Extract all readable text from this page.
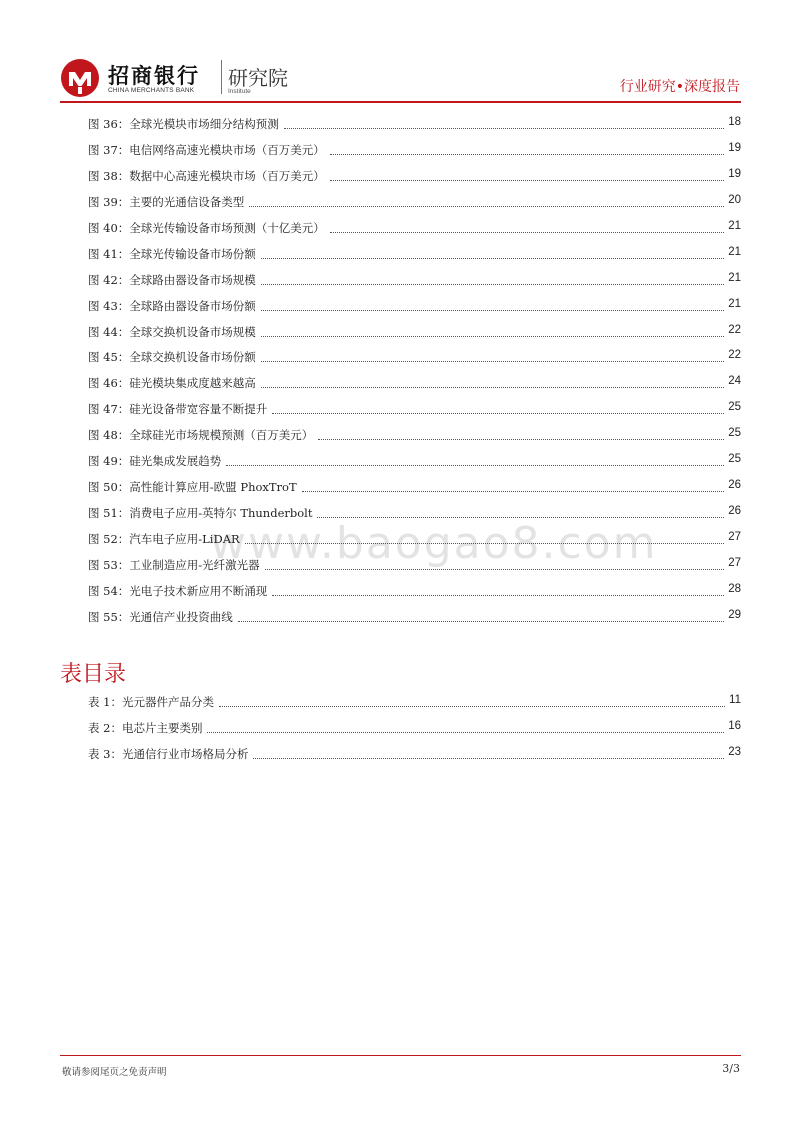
招商银行
CHINA MERCHANTS BANK
研究院
Institute	行业研究•深度报告
www.baogao8.com
图 36：全球光模块市场细分结构预测	18
图 37：电信网络高速光模块市场（百万美元）	19
图 38：数据中心高速光模块市场（百万美元）	19
图 39：主要的光通信设备类型	20
图 40：全球光传输设备市场预测（十亿美元）	21
图 41：全球光传输设备市场份额	21
图 42：全球路由器设备市场规模	21
图 43：全球路由器设备市场份额	21
图 44：全球交换机设备市场规模	22
图 45：全球交换机设备市场份额	22
图 46：硅光模块集成度越来越高	24
图 47：硅光设备带宽容量不断提升	25
图 48：全球硅光市场规模预测（百万美元）	25
图 49：硅光集成发展趋势	25
图 50：高性能计算应用-欧盟 PhoxTroT	26
图 51：消费电子应用-英特尔 Thunderbolt	26
图 52：汽车电子应用-LiDAR	27
图 53：工业制造应用-光纤激光器	27
图 54：光电子技术新应用不断涌现	28
图 55：光通信产业投资曲线	29
表目录
表 1：光元器件产品分类	11
表 2：电芯片主要类别	16
表 3：光通信行业市场格局分析	23
敬请参阅尾页之免责声明	3/3
